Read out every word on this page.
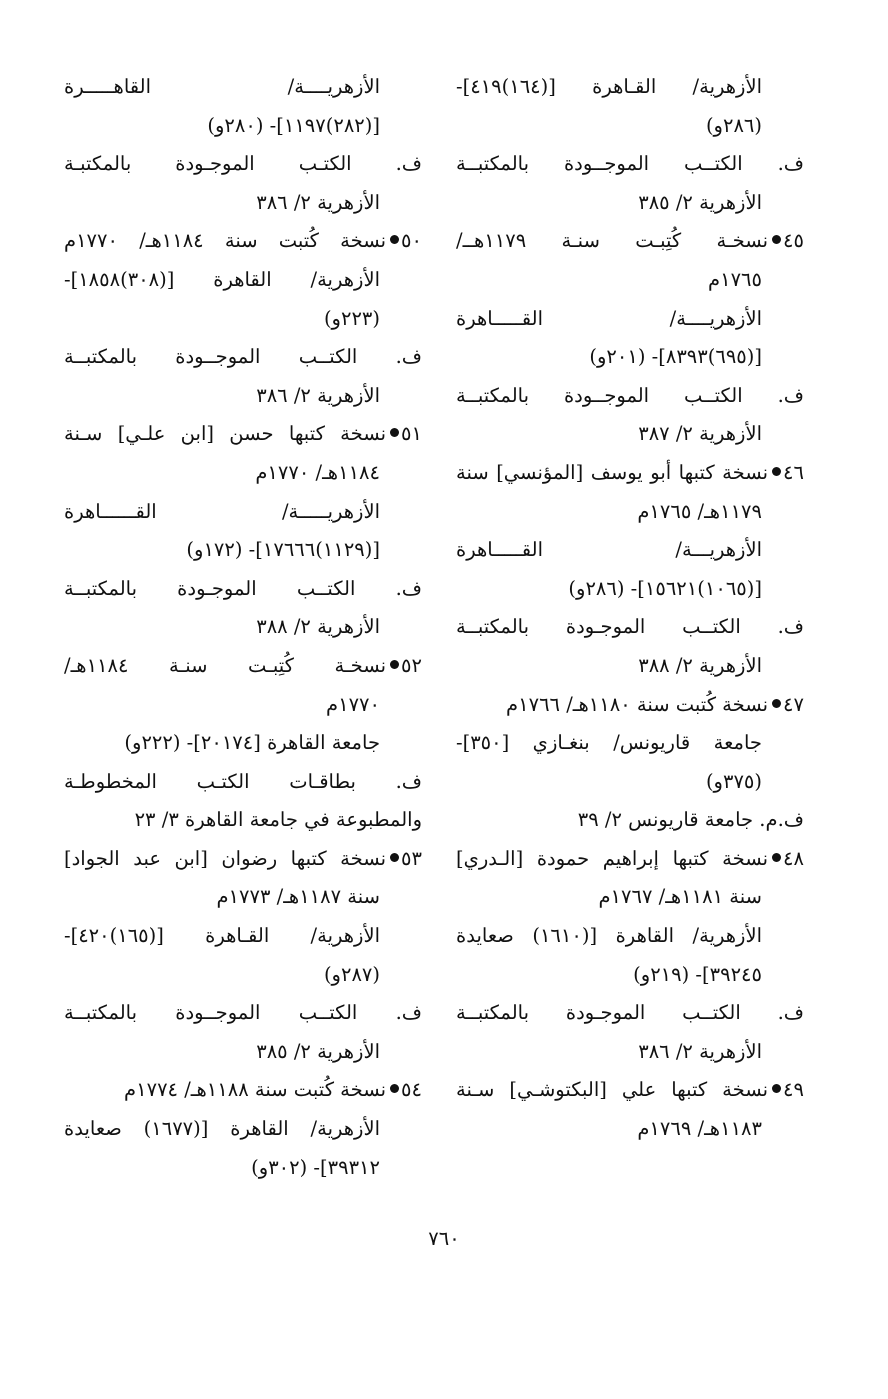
الأزهرية/ القـاهرة [(١٦٤)٤١٩]-
(٢٨٦و)
ف. الكتــب الموجــودة بالمكتبــة
الأزهرية ٢/ ٣٨٥
٤٥نسخـة كُتِبـت سنـة ١١٧٩هــ/
١٧٦٥م
الأزهريــــة/ القـــــاهرة
[(٦٩٥)٨٣٩٣]- (٢٠١و)
ف. الكتــب الموجــودة بالمكتبــة
الأزهرية ٢/ ٣٨٧
٤٦نسخة كتبها أبو يوسف [المؤنسي] سنة
١١٧٩هـ/ ١٧٦٥م
الأزهريـــة/ القـــــاهرة
[(١٠٦٥)١٥٦٢١]- (٢٨٦و)
ف. الكتــب الموجـودة بالمكتبــة
الأزهرية ٢/ ٣٨٨
٤٧نسخة كُتبت سنة ١١٨٠هـ/ ١٧٦٦م
جامعة قاريونس/ بنغـازي [٣٥٠]-
(٣٧٥و)
ف.م. جامعة قاريونس ٢/ ٣٩
٤٨نسخة كتبها إبراهيم حمودة [الـدري]
سنة ١١٨١هـ/ ١٧٦٧م
الأزهرية/ القاهرة [(١٦١٠) صعايدة
٣٩٢٤٥]- (٢١٩و)
ف. الكتــب الموجـودة بالمكتبــة
الأزهرية ٢/ ٣٨٦
٤٩نسخة كتبها علي [البكتوشـي] سـنة
١١٨٣هـ/ ١٧٦٩م
الأزهريــــة/ القاهـــــرة
[(٢٨٢)١١٩٧]- (٢٨٠و)
ف. الكتـب الموجـودة بالمكتبـة
الأزهرية ٢/ ٣٨٦
٥٠نسخة كُتبت سنة ١١٨٤هـ/ ١٧٧٠م
الأزهرية/ القاهرة [(٣٠٨)١٨٥٨]-
(٢٢٣و)
ف. الكتــب الموجــودة بالمكتبــة
الأزهرية ٢/ ٣٨٦
٥١نسخة كتبها حسن [ابن علـي] سـنة
١١٨٤هـ/ ١٧٧٠م
الأزهريـــــة/ القــــــاهرة
[(١١٢٩)١٧٦٦٦]- (١٧٢و)
ف. الكتــب الموجـودة بالمكتبــة
الأزهرية ٢/ ٣٨٨
٥٢نسخـة كُتِبـت سنـة ١١٨٤هـ/
١٧٧٠م
جامعة القاهرة [٢٠١٧٤]- (٢٢٢و)
ف. بطاقـات الكتـب المخطوطـة
والمطبوعة في جامعة القاهرة ٣/ ٢٣
٥٣نسخة كتبها رضوان [ابن عبد الجواد]
سنة ١١٨٧هـ/ ١٧٧٣م
الأزهرية/ القـاهرة [(١٦٥)٤٢٠]-
(٢٨٧و)
ف. الكتــب الموجــودة بالمكتبــة
الأزهرية ٢/ ٣٨٥
٥٤نسخة كُتبت سنة ١١٨٨هـ/ ١٧٧٤م
الأزهرية/ القاهرة [(١٦٧٧) صعايدة
٣٩٣١٢]- (٣٠٢و)
٧٦٠
